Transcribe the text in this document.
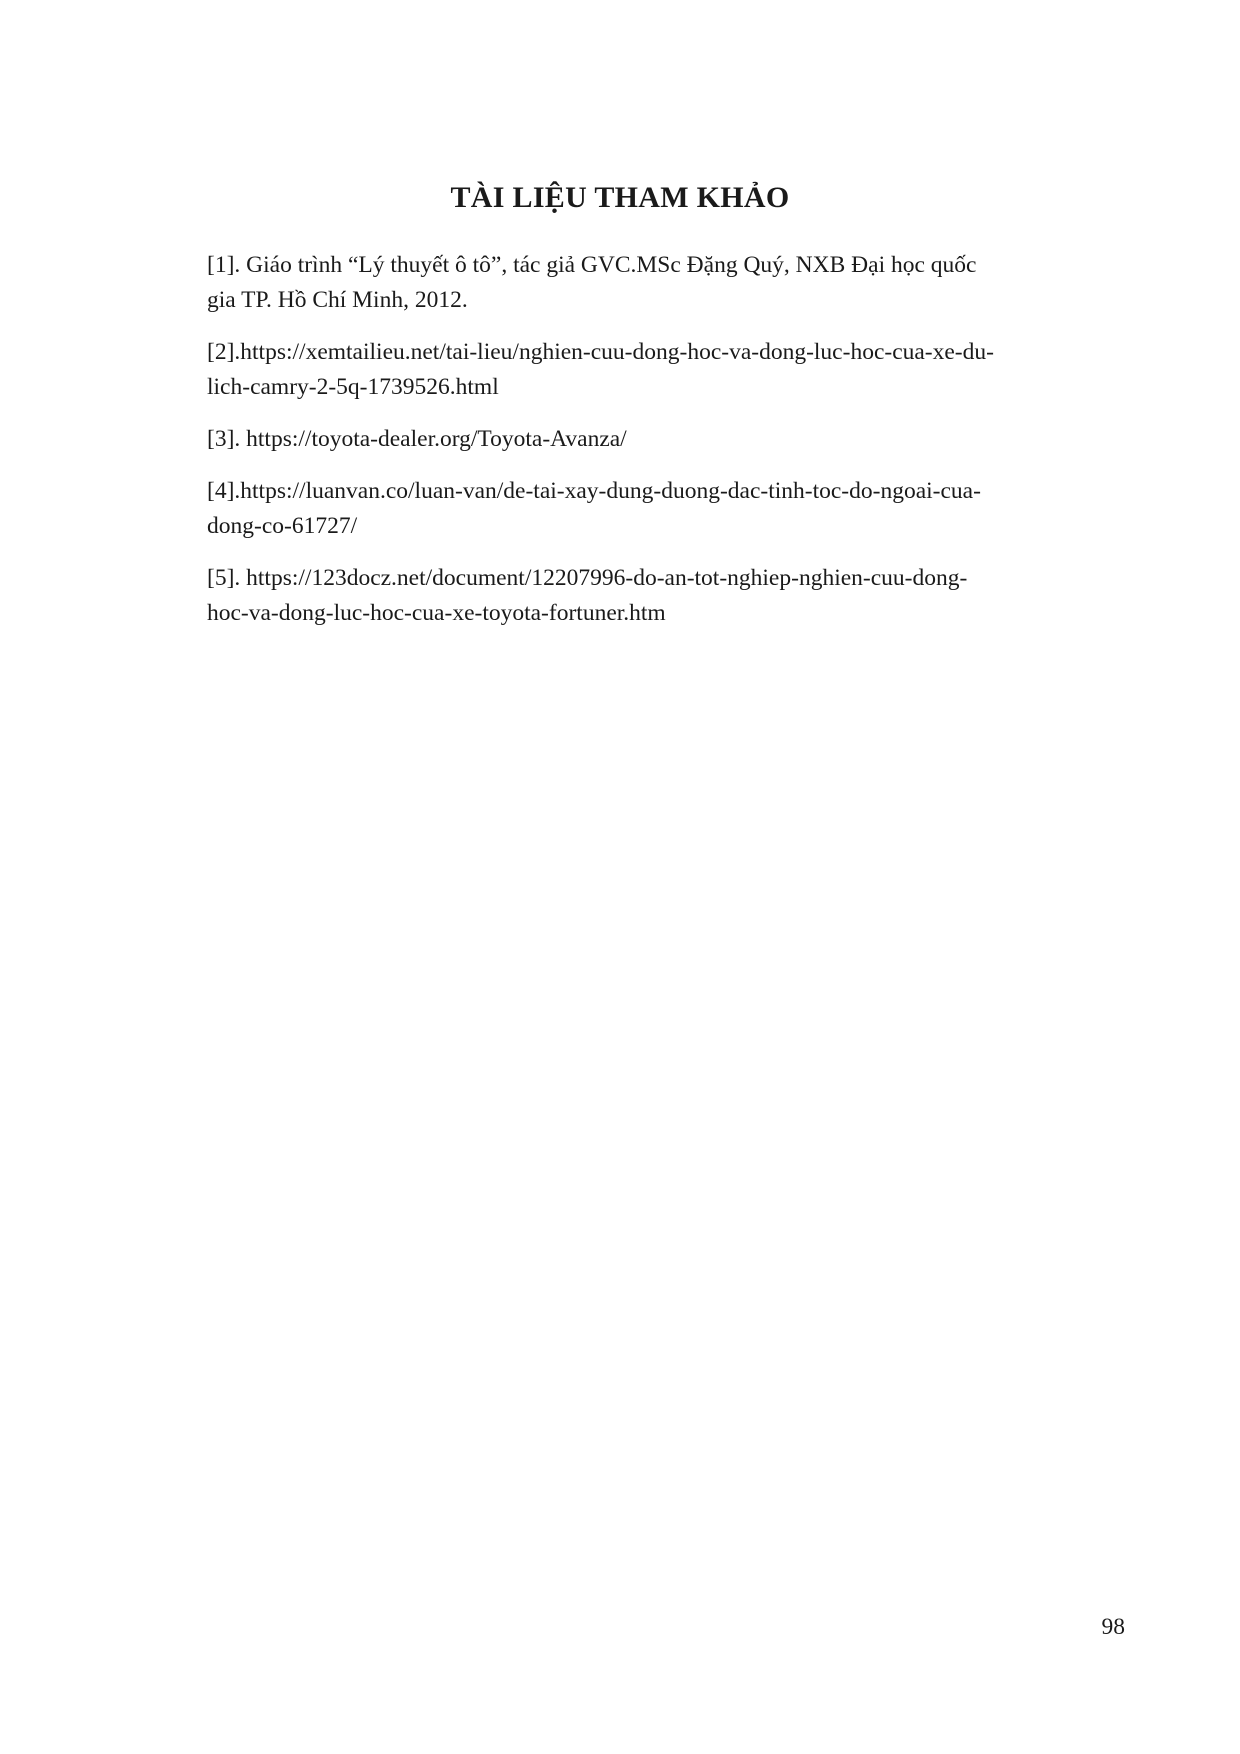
TÀI LIỆU THAM KHẢO
[1]. Giáo trình “Lý thuyết ô tô”, tác giả GVC.MSc Đặng Quý, NXB Đại học quốc
gia TP. Hồ Chí Minh, 2012.
[2].https://xemtailieu.net/tai-lieu/nghien-cuu-dong-hoc-va-dong-luc-hoc-cua-xe-du-
lich-camry-2-5q-1739526.html
[3]. https://toyota-dealer.org/Toyota-Avanza/
[4].https://luanvan.co/luan-van/de-tai-xay-dung-duong-dac-tinh-toc-do-ngoai-cua-
dong-co-61727/
[5]. https://123docz.net/document/12207996-do-an-tot-nghiep-nghien-cuu-dong-
hoc-va-dong-luc-hoc-cua-xe-toyota-fortuner.htm
98
